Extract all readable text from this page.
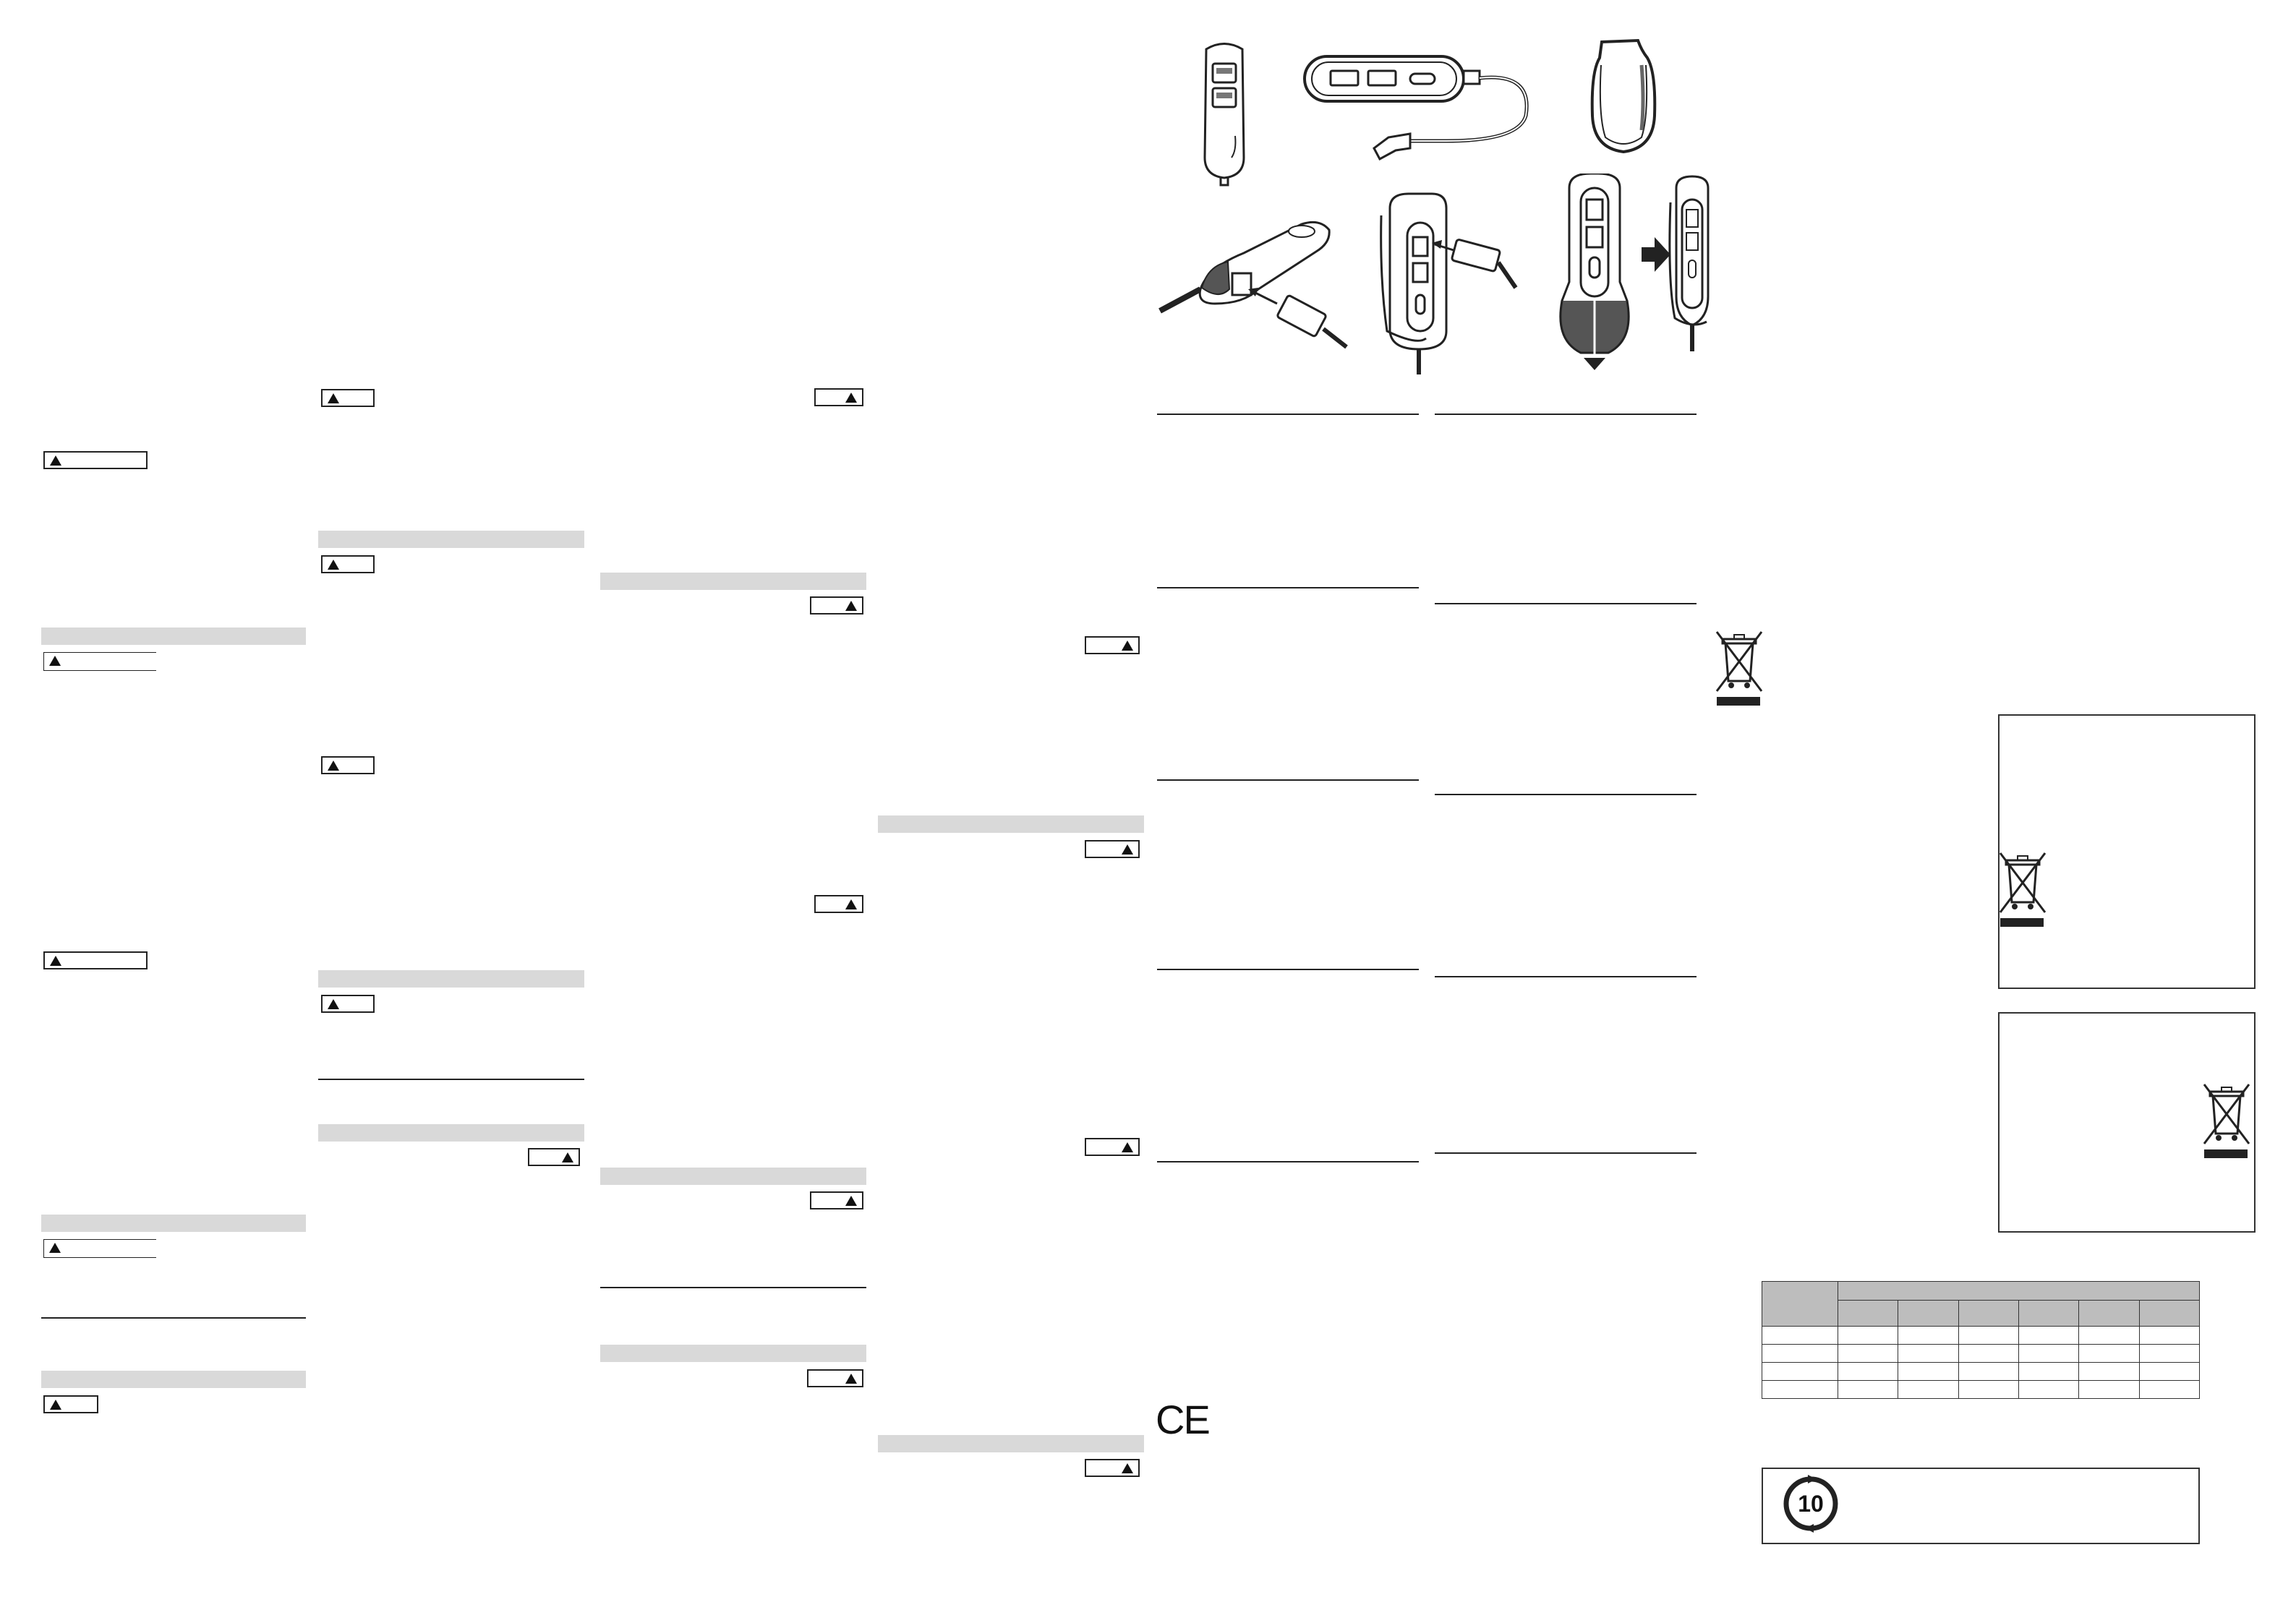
CE

10
